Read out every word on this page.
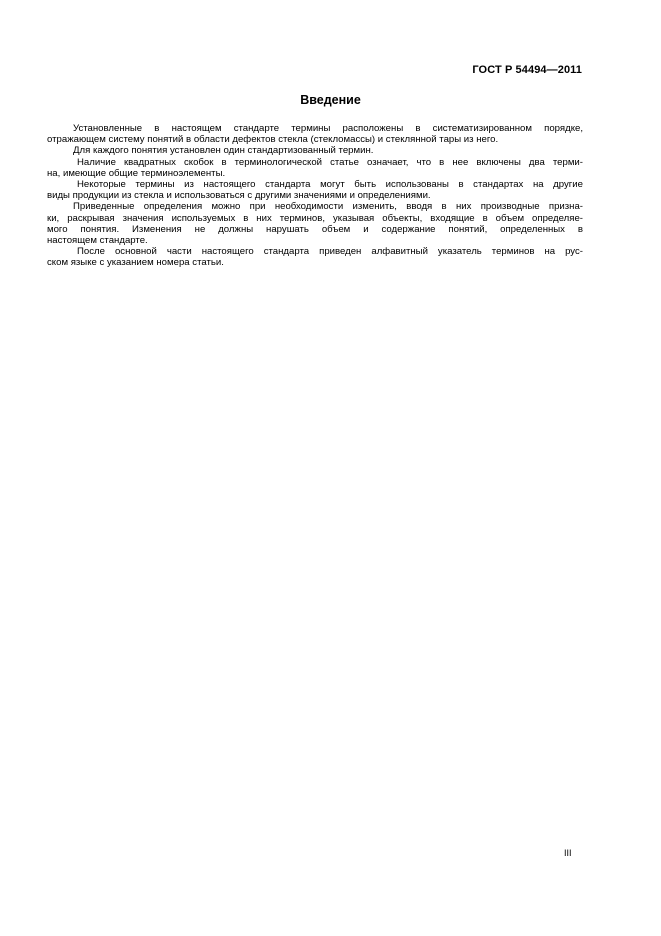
ГОСТ Р 54494—2011
Введение

Установленные в настоящем стандарте термины расположены в систематизированном порядке,
отражающем систему понятий в области дефектов стекла (стекломассы) и стеклянной тары из него.

Для каждого понятия установлен один стандартизованный термин.

Наличие квадратных скобок в терминологической статье означает, что в нее включены два терми-
на, имеющие общие терминоэлементы.

Некоторые термины из настоящего стандарта могут быть использованы в стандартах на другие
виды продукции из стекла и использоваться с другими значениями и определениями.

Приведенные определения можно при необходимости изменить, вводя в них производные призна-
ки, раскрывая значения используемых в них терминов, указывая объекты, входящие в объем определяе-
мого понятия. Изменения не должны нарушать объем и содержание понятий, определенных в
настоящем стандарте.

После основной части настоящего стандарта приведен алфавитный указатель терминов на рус-
ском языке с указанием номера статьи.

III
